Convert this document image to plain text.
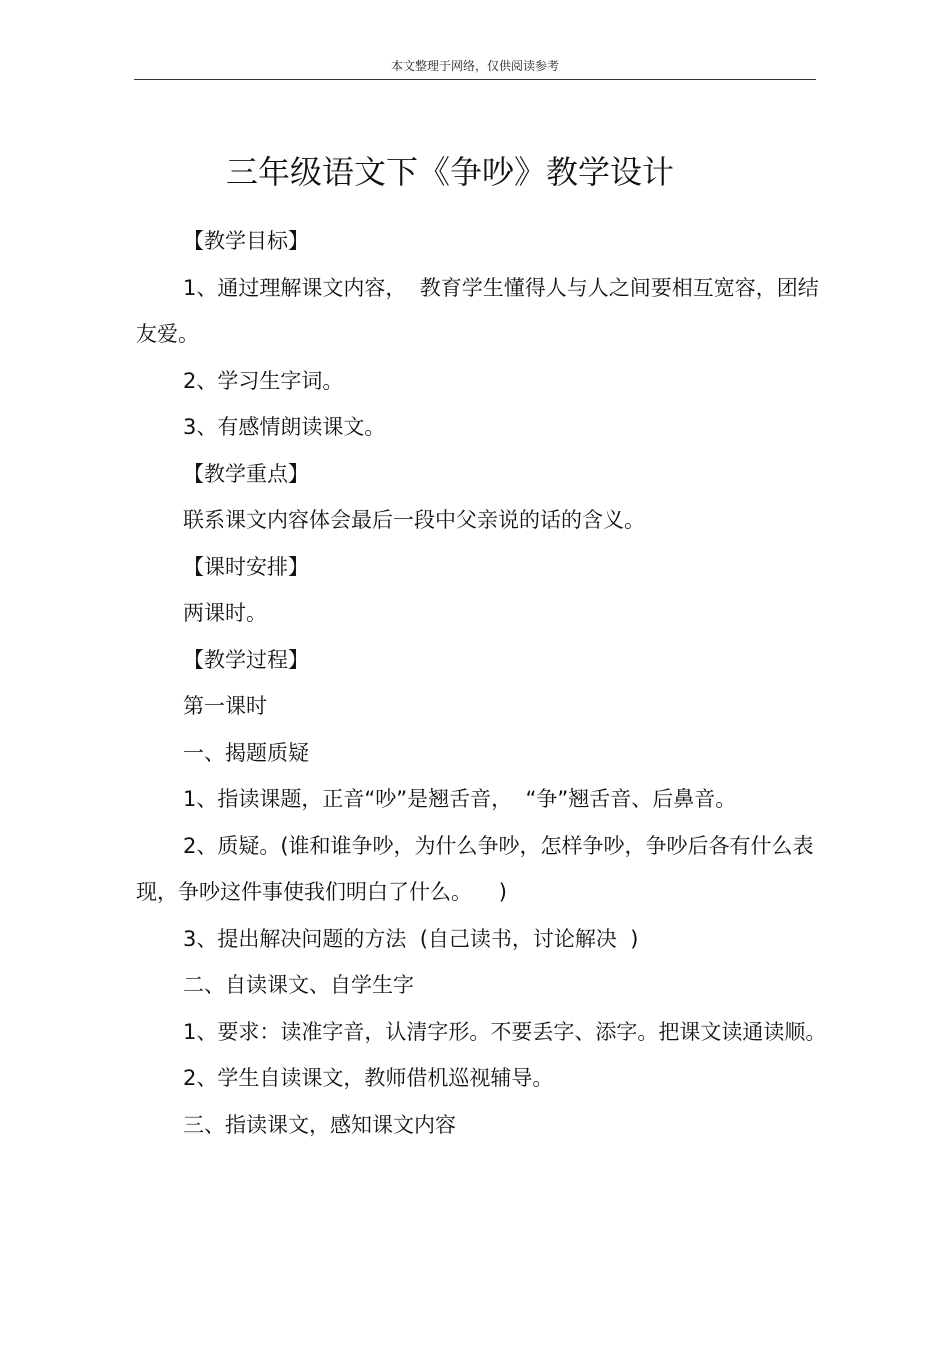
本文整理于网络，仅供阅读参考
三年级语文下《争吵》教学设计

【教学目标】

1、通过理解课文内容，  教育学生懂得人与人之间要相互宽容，团结友爱。

2、学习生字词。

3、有感情朗读课文。

【教学重点】

联系课文内容体会最后一段中父亲说的话的含义。

【课时安排】

两课时。

【教学过程】

第一课时

一、揭题质疑

1、指读课题，正音“吵”是翘舌音，  “争”翘舌音、后鼻音。

2、质疑。(谁和谁争吵，为什么争吵，怎样争吵，争吵后各有什么表现，争吵这件事使我们明白了什么。    )

3、提出解决问题的方法  (自己读书，讨论解决  )

二、自读课文、自学生字

1、要求：读准字音，认清字形。不要丢字、添字。把课文读通读顺。

2、学生自读课文，教师借机巡视辅导。

三、指读课文，感知课文内容
